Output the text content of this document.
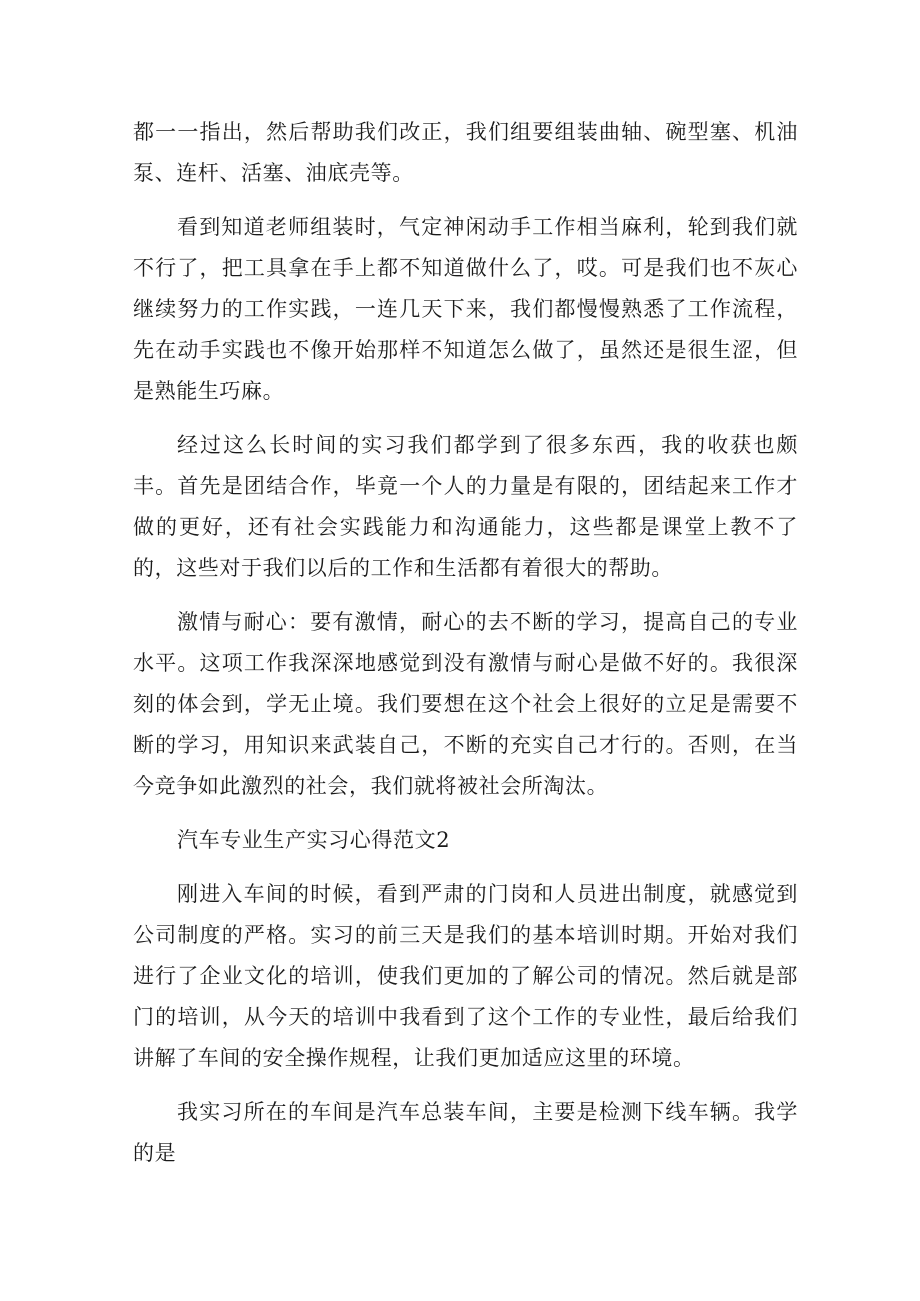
都一一指出，然后帮助我们改正，我们组要组装曲轴、碗型塞、机油泵、连杆、活塞、油底壳等。

看到知道老师组装时，气定神闲动手工作相当麻利，轮到我们就不行了，把工具拿在手上都不知道做什么了，哎。可是我们也不灰心继续努力的工作实践，一连几天下来，我们都慢慢熟悉了工作流程，先在动手实践也不像开始那样不知道怎么做了，虽然还是很生涩，但是熟能生巧麻。

经过这么长时间的实习我们都学到了很多东西，我的收获也颇丰。首先是团结合作，毕竟一个人的力量是有限的，团结起来工作才做的更好，还有社会实践能力和沟通能力，这些都是课堂上教不了的，这些对于我们以后的工作和生活都有着很大的帮助。

激情与耐心：要有激情，耐心的去不断的学习，提高自己的专业水平。这项工作我深深地感觉到没有激情与耐心是做不好的。我很深刻的体会到，学无止境。我们要想在这个社会上很好的立足是需要不断的学习，用知识来武装自己，不断的充实自己才行的。否则，在当今竞争如此激烈的社会，我们就将被社会所淘汰。

汽车专业生产实习心得范文2

刚进入车间的时候，看到严肃的门岗和人员进出制度，就感觉到公司制度的严格。实习的前三天是我们的基本培训时期。开始对我们进行了企业文化的培训，使我们更加的了解公司的情况。然后就是部门的培训，从今天的培训中我看到了这个工作的专业性，最后给我们讲解了车间的安全操作规程，让我们更加适应这里的环境。

我实习所在的车间是汽车总装车间，主要是检测下线车辆。我学的是
